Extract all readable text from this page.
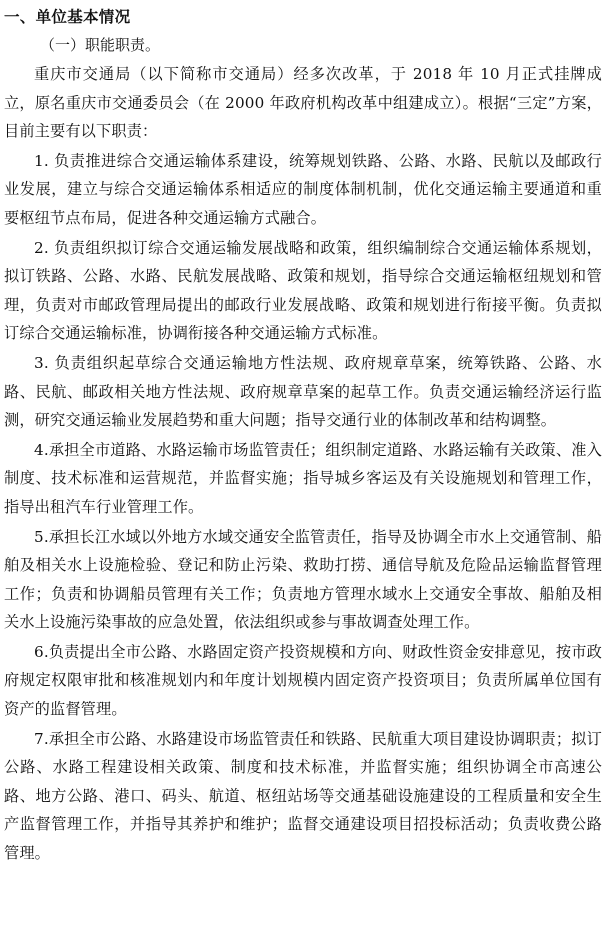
一、单位基本情况

（一）职能职责。

重庆市交通局（以下简称市交通局）经多次改革，于 2018 年 10 月正式挂牌成立，原名重庆市交通委员会（在 2000 年政府机构改革中组建成立）。根据“三定”方案，目前主要有以下职责：

1. 负责推进综合交通运输体系建设，统筹规划铁路、公路、水路、民航以及邮政行业发展，建立与综合交通运输体系相适应的制度体制机制，优化交通运输主要通道和重要枢纽节点布局，促进各种交通运输方式融合。

2. 负责组织拟订综合交通运输发展战略和政策，组织编制综合交通运输体系规划，拟订铁路、公路、水路、民航发展战略、政策和规划，指导综合交通运输枢纽规划和管理，负责对市邮政管理局提出的邮政行业发展战略、政策和规划进行衔接平衡。负责拟订综合交通运输标准，协调衔接各种交通运输方式标准。

3. 负责组织起草综合交通运输地方性法规、政府规章草案，统筹铁路、公路、水路、民航、邮政相关地方性法规、政府规章草案的起草工作。负责交通运输经济运行监测，研究交通运输业发展趋势和重大问题；指导交通行业的体制改革和结构调整。

4.承担全市道路、水路运输市场监管责任；组织制定道路、水路运输有关政策、准入制度、技术标准和运营规范，并监督实施；指导城乡客运及有关设施规划和管理工作，指导出租汽车行业管理工作。

5.承担长江水域以外地方水域交通安全监管责任，指导及协调全市水上交通管制、船舶及相关水上设施检验、登记和防止污染、救助打捞、通信导航及危险品运输监督管理工作；负责和协调船员管理有关工作；负责地方管理水域水上交通安全事故、船舶及相关水上设施污染事故的应急处置，依法组织或参与事故调查处理工作。

6.负责提出全市公路、水路固定资产投资规模和方向、财政性资金安排意见，按市政府规定权限审批和核准规划内和年度计划规模内固定资产投资项目；负责所属单位国有资产的监督管理。

7.承担全市公路、水路建设市场监管责任和铁路、民航重大项目建设协调职责；拟订公路、水路工程建设相关政策、制度和技术标准，并监督实施；组织协调全市高速公路、地方公路、港口、码头、航道、枢纽站场等交通基础设施建设的工程质量和安全生产监督管理工作，并指导其养护和维护；监督交通建设项目招投标活动；负责收费公路管理。
